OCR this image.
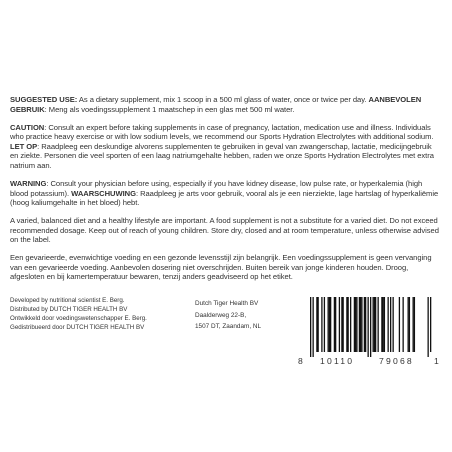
SUGGESTED USE: As a dietary supplement, mix 1 scoop in a 500 ml glass of water, once or twice per day. AANBEVOLEN GEBRUIK: Meng als voedingssupplement 1 maatschep in een glas met 500 ml water.

CAUTION: Consult an expert before taking supplements in case of pregnancy, lactation, medication use and illness. Individuals who practice heavy exercise or with low sodium levels, we recommend our Sports Hydration Electrolytes with additional sodium. LET OP: Raadpleeg een deskundige alvorens supplementen te gebruiken in geval van zwangerschap, lactatie, medicijngebruik en ziekte. Personen die veel sporten of een laag natriumgehalte hebben, raden we onze Sports Hydration Electrolytes met extra natrium aan.

WARNING: Consult your physician before using, especially if you have kidney disease, low pulse rate, or hyperkalemia (high blood potassium). WAARSCHUWING: Raadpleeg je arts voor gebruik, vooral als je een nierziekte, lage hartslag of hyperkaliëmie (hoog kaliumgehalte in het bloed) hebt.

A varied, balanced diet and a healthy lifestyle are important. A food supplement is not a substitute for a varied diet. Do not exceed recommended dosage. Keep out of reach of young children. Store dry, closed and at room temperature, unless otherwise advised on the label.

Een gevarieerde, evenwichtige voeding en een gezonde levensstijl zijn belangrijk. Een voedingssupplement is geen vervanging van een gevarieerde voeding. Aanbevolen dosering niet overschrijden. Buiten bereik van jonge kinderen houden. Droog, afgesloten en bij kamertemperatuur bewaren, tenzij anders geadviseerd op het etiket.

Developed by nutritional scientist E. Berg.
Distributed by DUTCH TIGER HEALTH BV
Ontwikkeld door voedingswetenschapper E. Berg.
Gedistribueerd door DUTCH TIGER HEALTH BV
Dutch Tiger Health BV
Daalderweg 22-B,
1507 DT, Zaandam, NL
8 10110	79068 1
